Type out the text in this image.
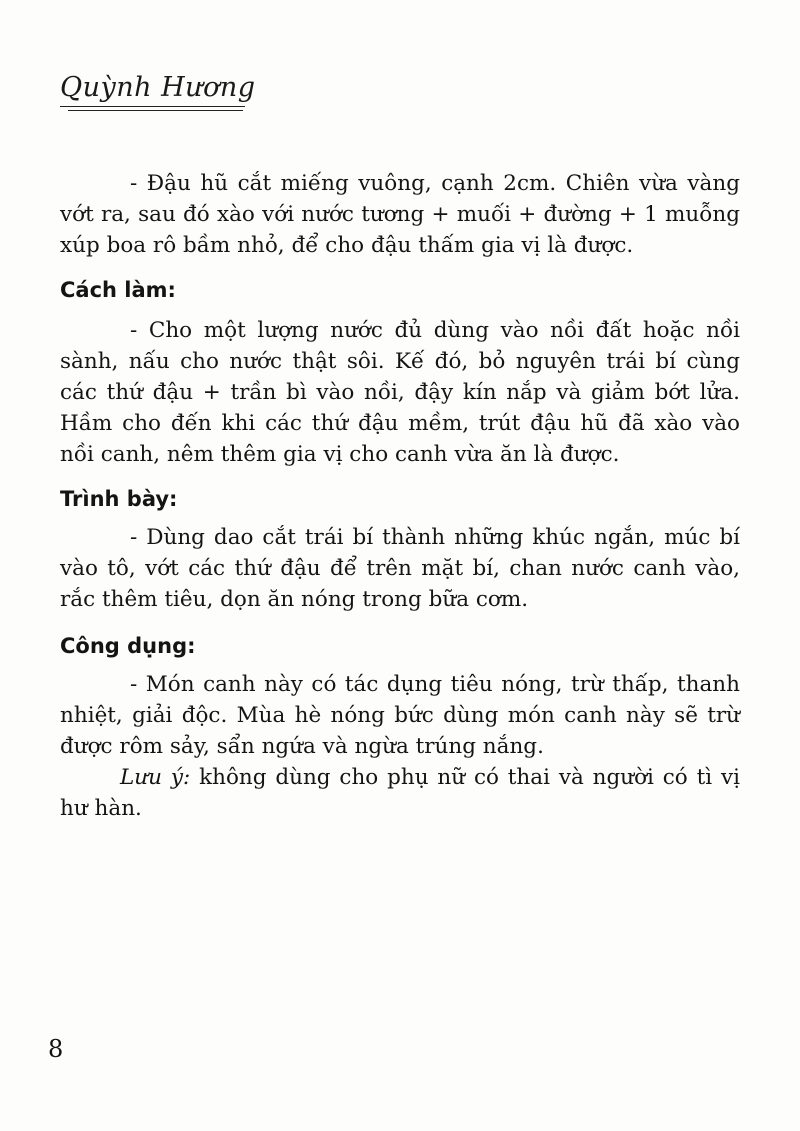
Quỳnh Hương

- Đậu hũ cắt miếng vuông, cạnh 2cm. Chiên vừa vàng vớt ra, sau đó xào với nước tương + muối + đường + 1 muỗng xúp boa rô bầm nhỏ, để cho đậu thấm gia vị là được.

Cách làm:

- Cho một lượng nước đủ dùng vào nồi đất hoặc nồi sành, nấu cho nước thật sôi. Kế đó, bỏ nguyên trái bí cùng các thứ đậu + trần bì vào nồi, đậy kín nắp và giảm bớt lửa. Hầm cho đến khi các thứ đậu mềm, trút đậu hũ đã xào vào nồi canh, nêm thêm gia vị cho canh vừa ăn là được.

Trình bày:

- Dùng dao cắt trái bí thành những khúc ngắn, múc bí vào tô, vớt các thứ đậu để trên mặt bí, chan nước canh vào, rắc thêm tiêu, dọn ăn nóng trong bữa cơm.

Công dụng:

- Món canh này có tác dụng tiêu nóng, trừ thấp, thanh nhiệt, giải độc. Mùa hè nóng bức dùng món canh này sẽ trừ được rôm sảy, sẩn ngứa và ngừa trúng nắng.

Lưu ý: không dùng cho phụ nữ có thai và người có tì vị hư hàn.

8
